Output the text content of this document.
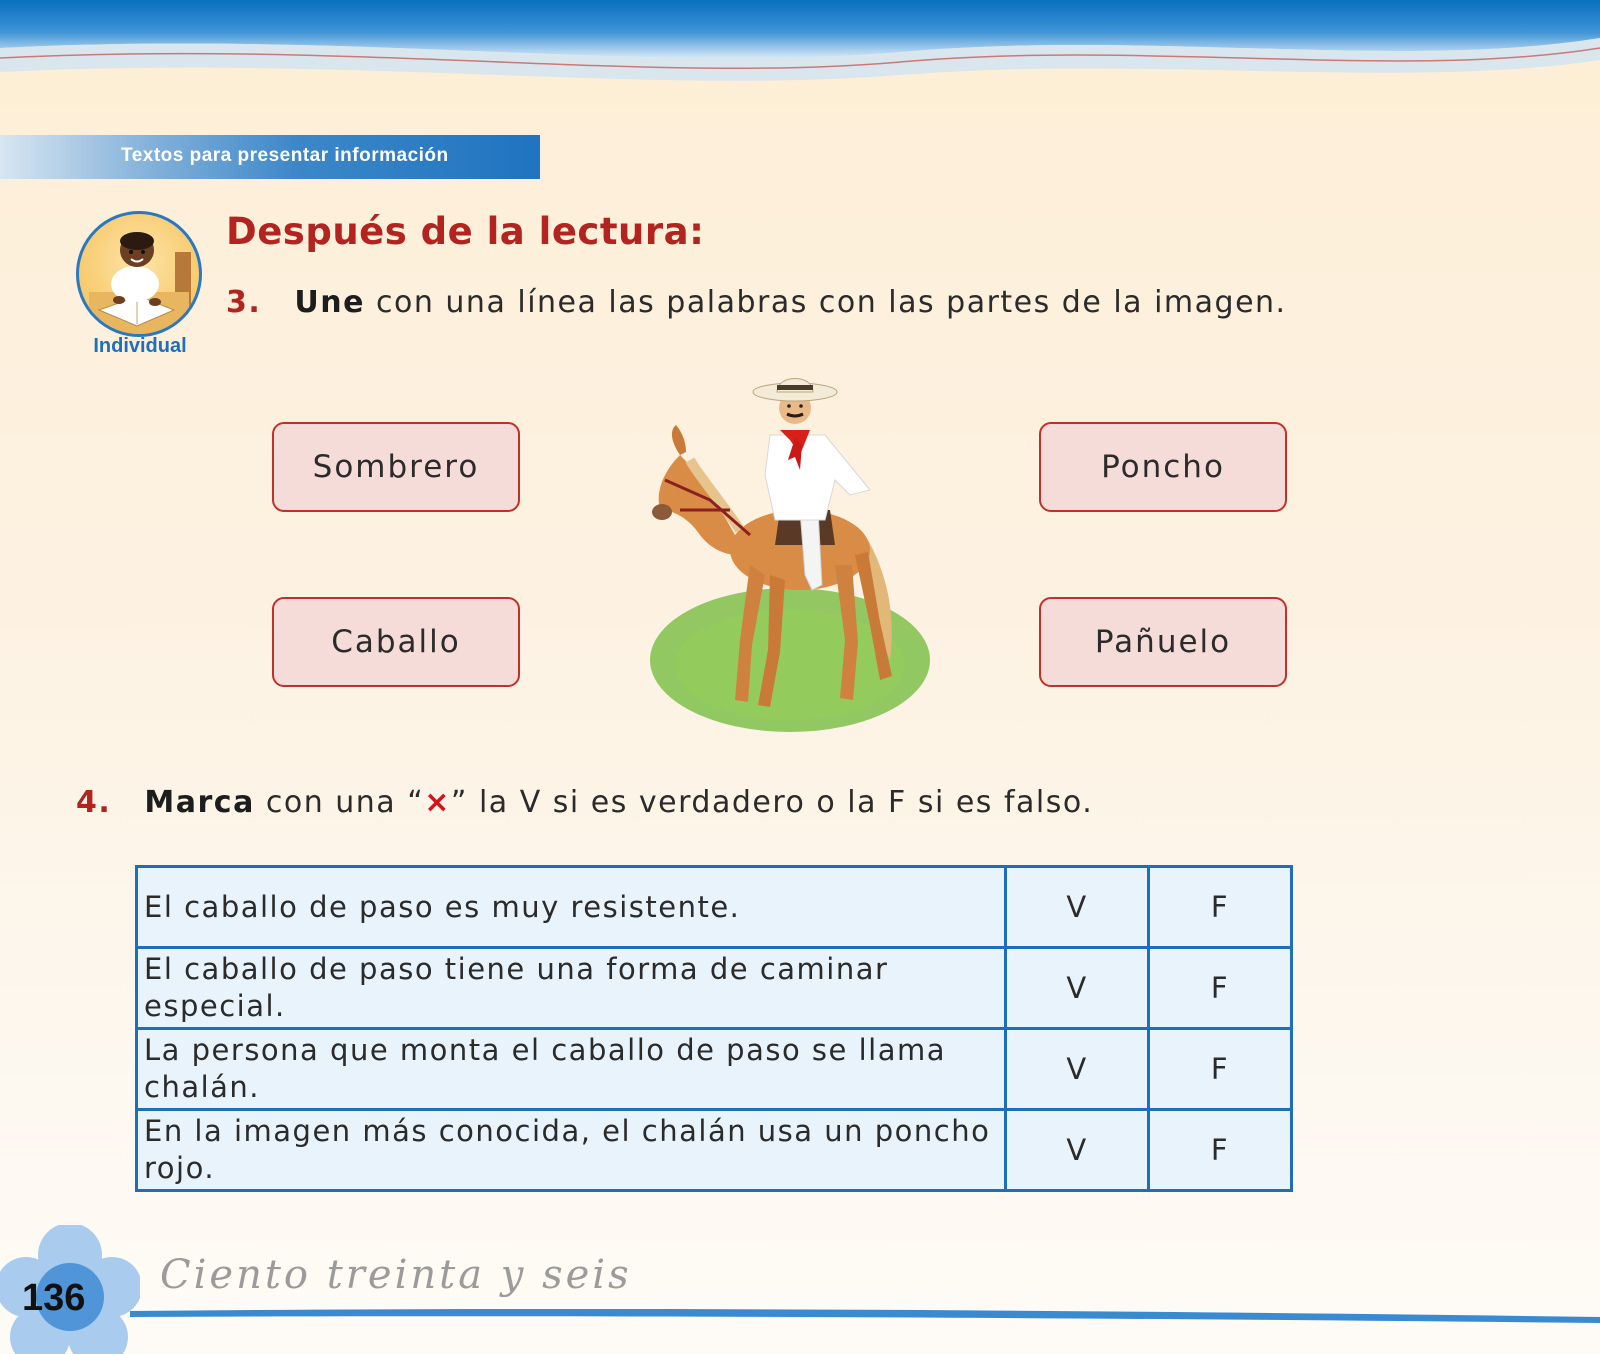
Textos para presentar información
Individual
Después de la lectura:
3. Une con una línea las palabras con las partes de la imagen.
Sombrero
Caballo
Poncho
Pañuelo
4. Marca con una “×” la V si es verdadero o la F si es falso.
El caballo de paso es muy resistente.	V	F
El caballo de paso tiene una forma de caminar especial.	V	F
La persona que monta el caballo de paso se llama chalán.	V	F
En la imagen más conocida, el chalán usa un poncho rojo.	V	F
136 Ciento treinta y seis
